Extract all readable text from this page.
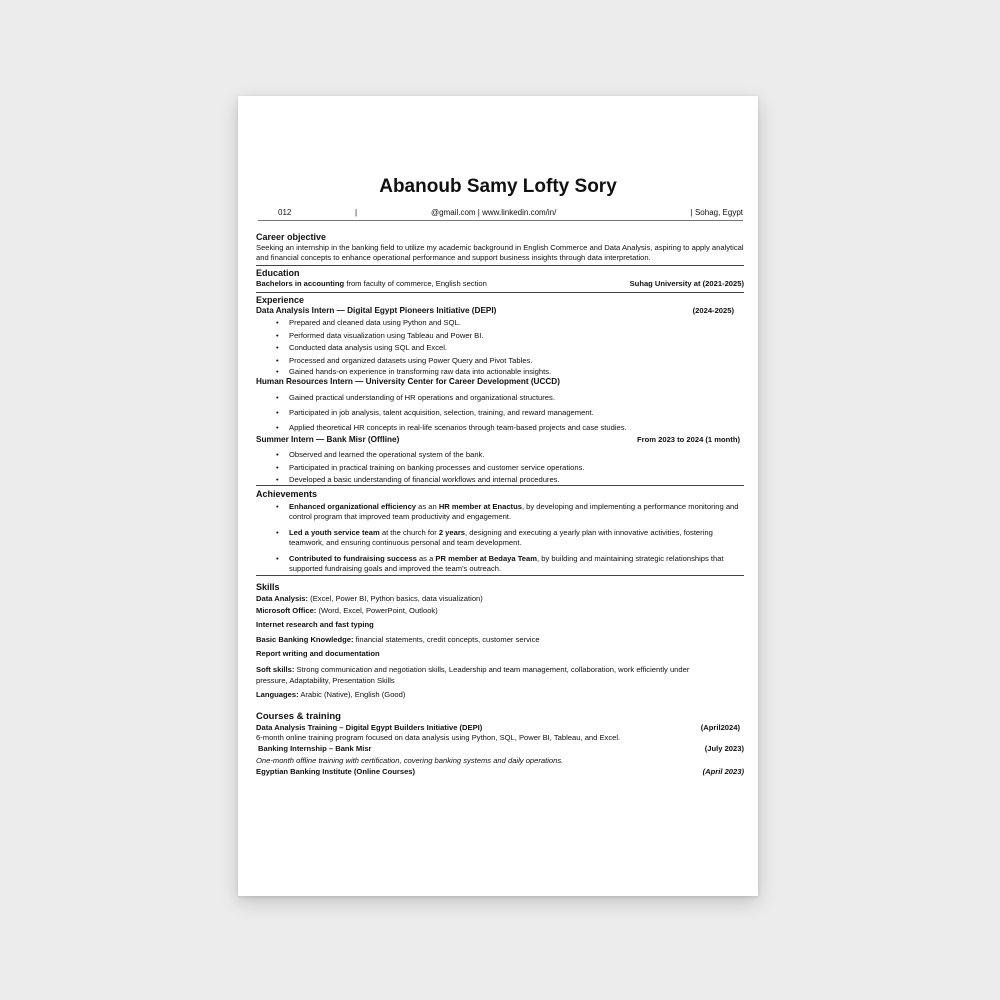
Abanoub Samy Lofty Sory
012	|	@gmail.com | www.linkedin.com/in/	| Sohag, Egypt
Career objective
Seeking an internship in the banking field to utilize my academic background in English Commerce and Data Analysis, aspiring to apply analytical and financial concepts to enhance operational performance and support business insights through data interpretation.
Education
Bachelors in accounting from faculty of commerce, English section	Suhag University at (2021-2025)
Experience
Data Analysis Intern — Digital Egypt Pioneers Initiative (DEPI)	(2024-2025)
• Prepared and cleaned data using Python and SQL.
• Performed data visualization using Tableau and Power BI.
• Conducted data analysis using SQL and Excel.
• Processed and organized datasets using Power Query and Pivot Tables.
• Gained hands-on experience in transforming raw data into actionable insights.
Human Resources Intern — University Center for Career Development (UCCD)
• Gained practical understanding of HR operations and organizational structures.
• Participated in job analysis, talent acquisition, selection, training, and reward management.
• Applied theoretical HR concepts in real-life scenarios through team-based projects and case studies.
Summer Intern — Bank Misr (Offline)	From 2023 to 2024 (1 month)
• Observed and learned the operational system of the bank.
• Participated in practical training on banking processes and customer service operations.
• Developed a basic understanding of financial workflows and internal procedures.
Achievements
• Enhanced organizational efficiency as an HR member at Enactus, by developing and implementing a performance monitoring and control program that improved team productivity and engagement.
• Led a youth service team at the church for 2 years, designing and executing a yearly plan with innovative activities, fostering teamwork, and ensuring continuous personal and team development.
• Contributed to fundraising success as a PR member at Bedaya Team, by building and maintaining strategic relationships that supported fundraising goals and improved the team's outreach.
Skills
Data Analysis: (Excel, Power BI, Python basics, data visualization)
Microsoft Office: (Word, Excel, PowerPoint, Outlook)
Internet research and fast typing
Basic Banking Knowledge: financial statements, credit concepts, customer service
Report writing and documentation
Soft skills: Strong communication and negotiation skills, Leadership and team management, collaboration, work efficiently under pressure, Adaptability, Presentation Skills
Languages: Arabic (Native), English (Good)
Courses & training
Data Analysis Training – Digital Egypt Builders Initiative (DEPI)	(April2024)
6-month online training program focused on data analysis using Python, SQL, Power BI, Tableau, and Excel.
Banking Internship – Bank Misr	(July 2023)
One-month offline training with certification, covering banking systems and daily operations.
Egyptian Banking Institute (Online Courses)	(April 2023)
